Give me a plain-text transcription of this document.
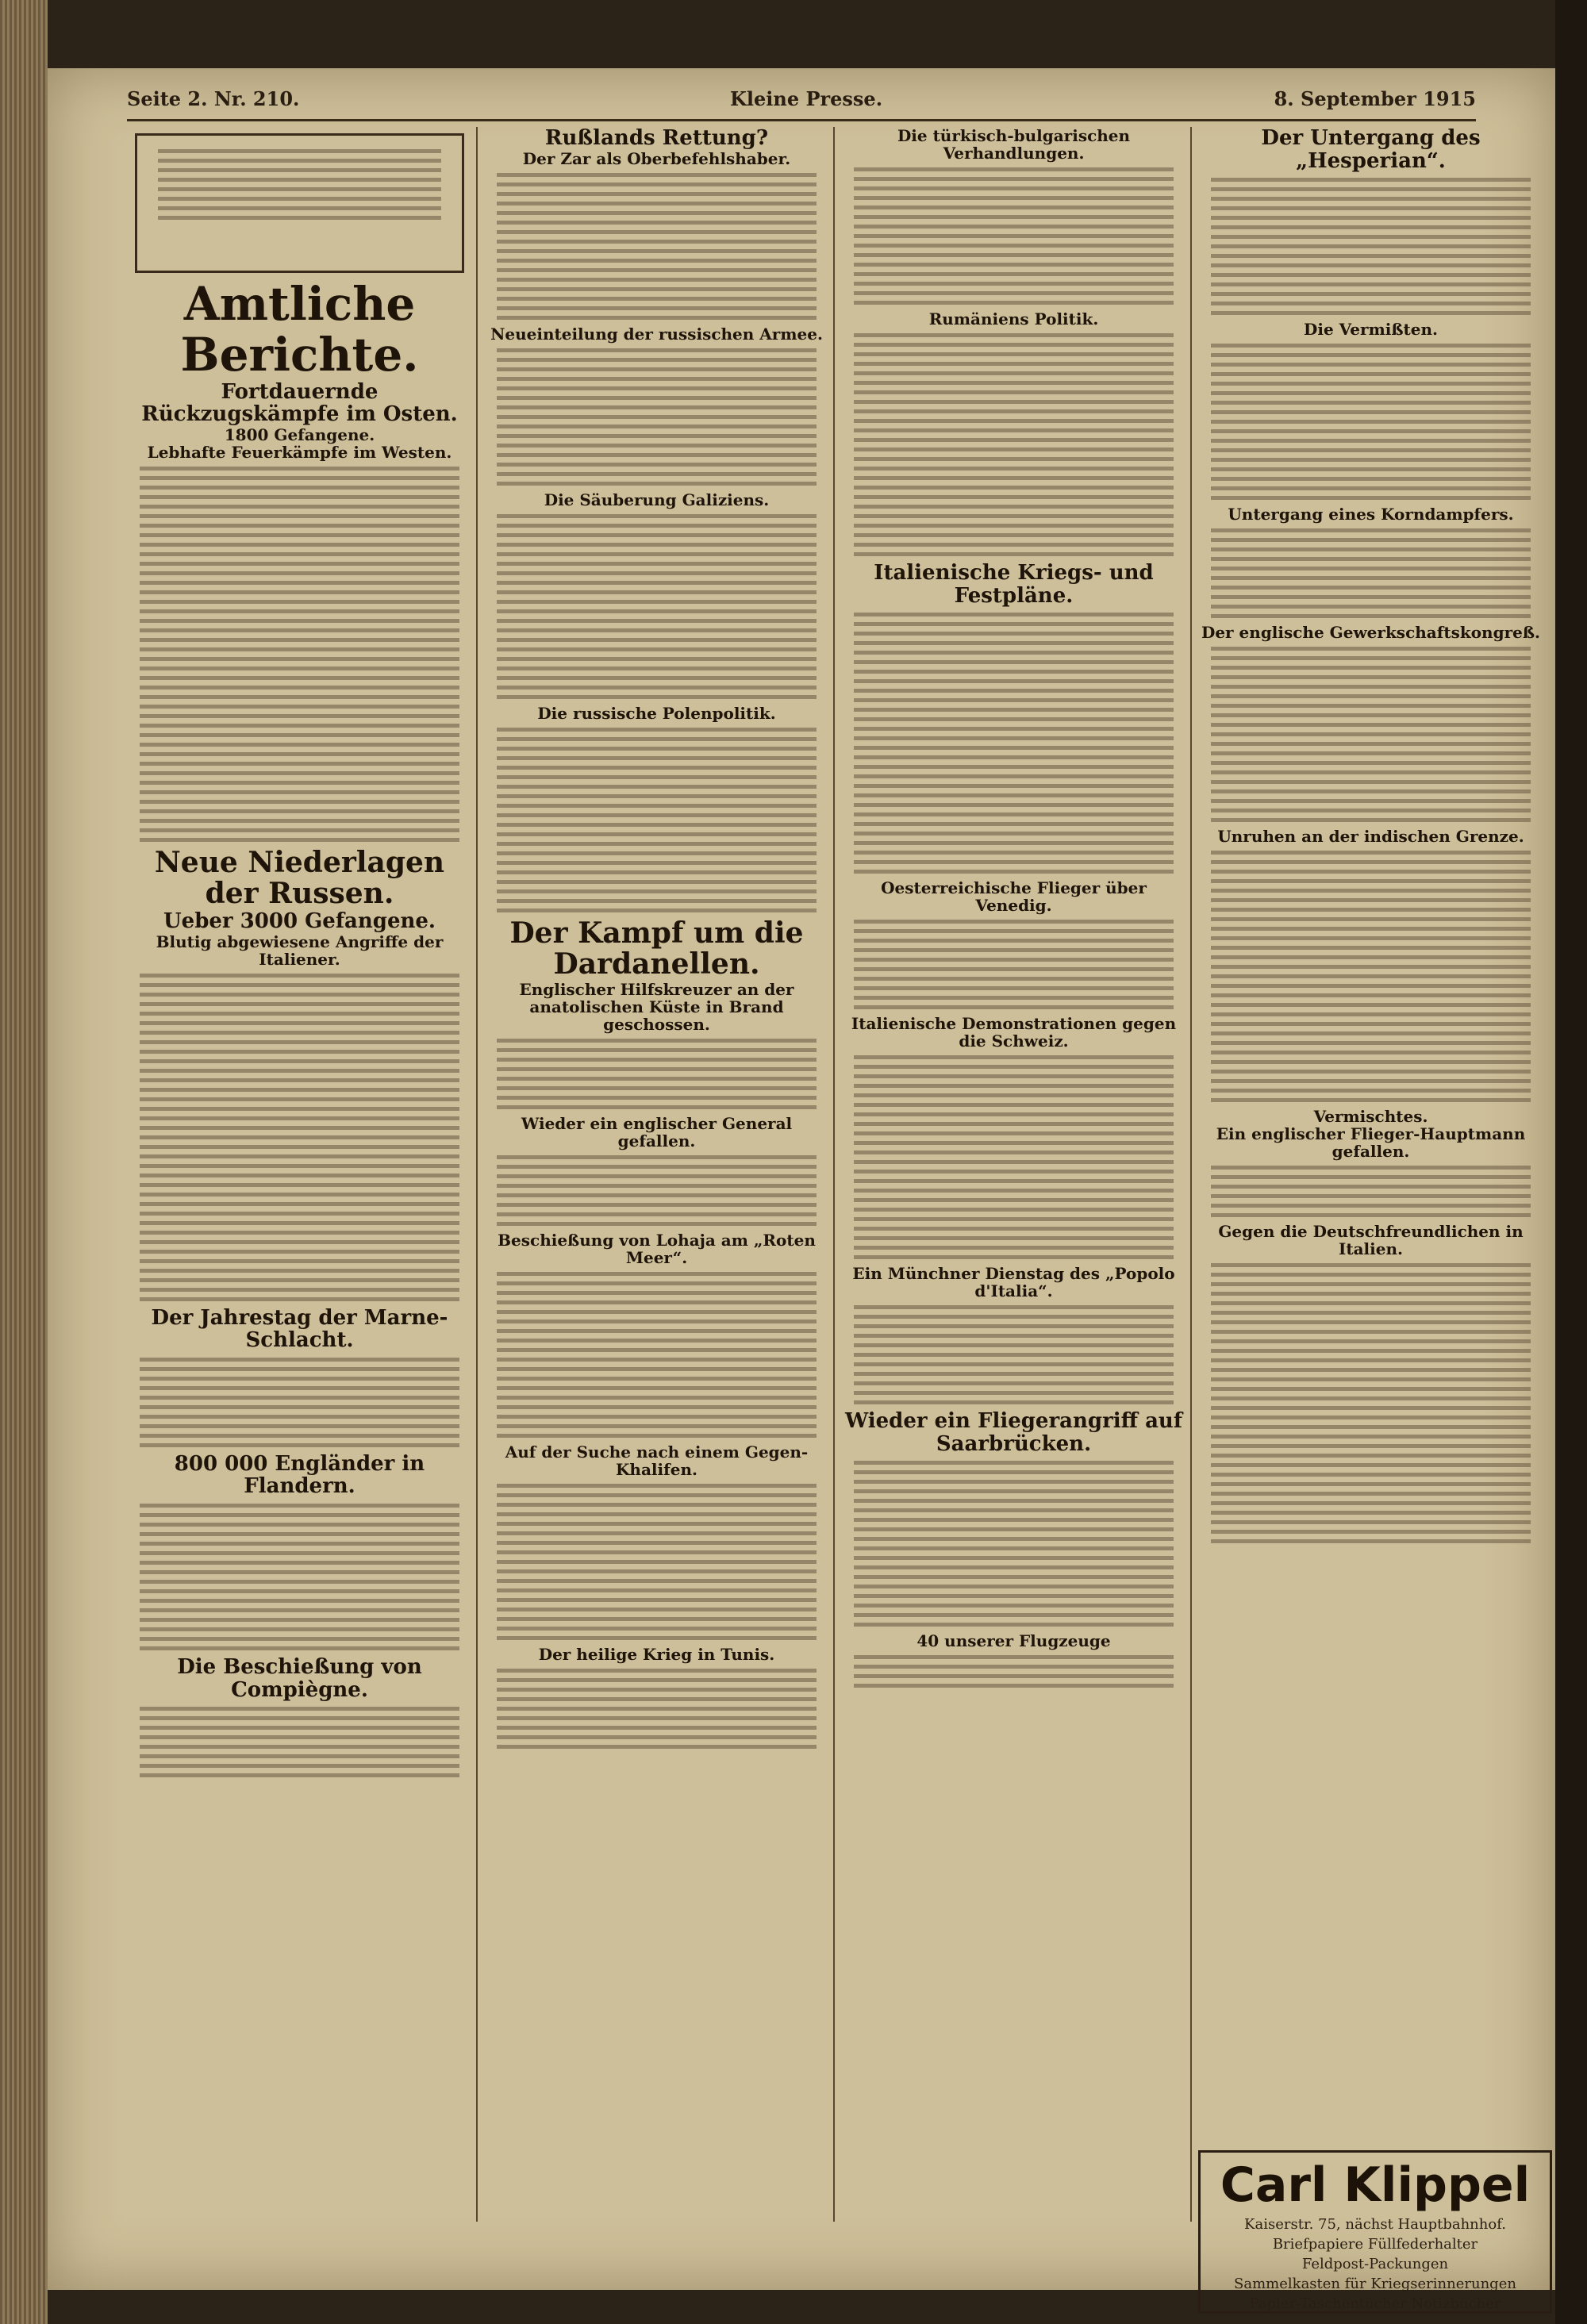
Seite 2. Nr. 210.	Kleine Presse.	8. September 1915

Amtliche Berichte.

Fortdauernde Rückzugskämpfe im Osten.

1800 Gefangene.

Lebhafte Feuerkämpfe im Westen.

Neue Niederlagen der Russen.

Ueber 3000 Gefangene.

Blutig abgewiesene Angriffe der Italiener.

Der Jahrestag der Marne-Schlacht.

800 000 Engländer in Flandern.

Die Beschießung von Compiègne.

Rußlands Rettung?

Der Zar als Oberbefehlshaber.

Neueinteilung der russischen Armee.

Die Säuberung Galiziens.

Die russische Polenpolitik.

Der Kampf um die Dardanellen.

Englischer Hilfskreuzer an der anatolischen Küste in Brand geschossen.

Wieder ein englischer General gefallen.

Beschießung von Lohaja am „Roten Meer“.

Auf der Suche nach einem Gegen-Khalifen.

Der heilige Krieg in Tunis.

Die türkisch-bulgarischen Verhandlungen.

Rumäniens Politik.

Italienische Kriegs- und Festpläne.

Oesterreichische Flieger über Venedig.

Italienische Demonstrationen gegen die Schweiz.

Ein Münchner Dienstag des „Popolo d'Italia“.

Wieder ein Fliegerangriff auf Saarbrücken.

40 unserer Flugzeuge

Der Untergang des „Hesperian“.

Die Vermißten.

Untergang eines Korndampfers.

Der englische Gewerkschaftskongreß.

Unruhen an der indischen Grenze.

Vermischtes.

Ein englischer Flieger-Hauptmann gefallen.

Gegen die Deutschfreundlichen in Italien.

Carl Klippel
Kaiserstr. 75, nächst Hauptbahnhof.
Briefpapiere Füllfederhalter
Feldpost-Packungen
Sammelkasten für Kriegserinnerungen
Papier-Taschentücher Notizbücher
